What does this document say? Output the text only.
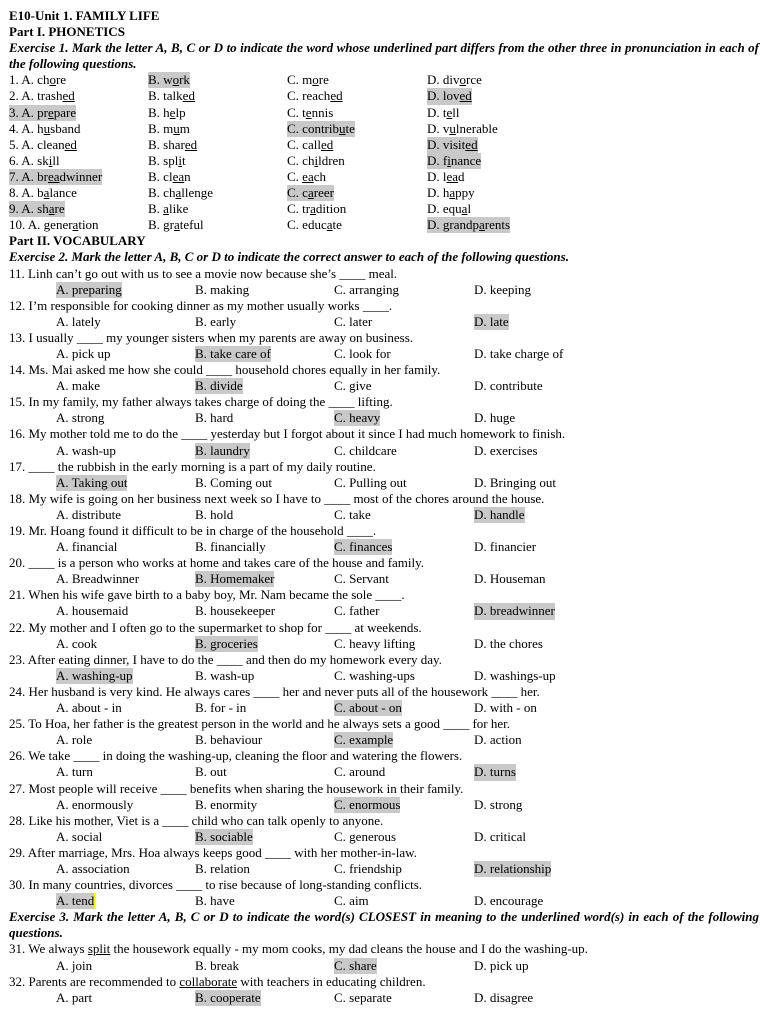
E10-Unit 1. FAMILY LIFE
Part I. PHONETICS
Exercise 1. Mark the letter A, B, C or D to indicate the word whose underlined part differs from the other three in pronunciation in each of the following questions.
1. A. chore	B. work	C. more	D. divorce
2. A. trashed	B. talked	C. reached	D. loved
3. A. prepare	B. help	C. tennis	D. tell
4. A. husband	B. mum	C. contribute	D. vulnerable
5. A. cleaned	B. shared	C. called	D. visited
6. A. skill	B. split	C. children	D. finance
7. A. breadwinner	B. clean	C. each	D. lead
8. A. balance	B. challenge	C. career	D. happy
9. A. share	B. alike	C. tradition	D. equal
10. A. generation	B. grateful	C. educate	D. grandparents
Part II. VOCABULARY
Exercise 2. Mark the letter A, B, C or D to indicate the correct answer to each of the following questions.
11. Linh can’t go out with us to see a movie now because she’s ____ meal.
A. preparing	B. making	C. arranging	D. keeping
12. I’m responsible for cooking dinner as my mother usually works ____.
A. lately	B. early	C. later	D. late
13. I usually ____ my younger sisters when my parents are away on business.
A. pick up	B. take care of	C. look for	D. take charge of
14. Ms. Mai asked me how she could ____ household chores equally in her family.
A. make	B. divide	C. give	D. contribute
15. In my family, my father always takes charge of doing the ____ lifting.
A. strong	B. hard	C. heavy	D. huge
16. My mother told me to do the ____ yesterday but I forgot about it since I had much homework to finish.
A. wash-up	B. laundry	C. childcare	D. exercises
17. ____ the rubbish in the early morning is a part of my daily routine.
A. Taking out	B. Coming out	C. Pulling out	D. Bringing out
18. My wife is going on her business next week so I have to ____ most of the chores around the house.
A. distribute	B. hold	C. take	D. handle
19. Mr. Hoang found it difficult to be in charge of the household ____.
A. financial	B. financially	C. finances	D. financier
20. ____ is a person who works at home and takes care of the house and family.
A. Breadwinner	B. Homemaker	C. Servant	D. Houseman
21. When his wife gave birth to a baby boy, Mr. Nam became the sole ____.
A. housemaid	B. housekeeper	C. father	D. breadwinner
22. My mother and I often go to the supermarket to shop for ____ at weekends.
A. cook	B. groceries	C. heavy lifting	D. the chores
23. After eating dinner, I have to do the ____ and then do my homework every day.
A. washing-up	B. wash-up	C. washing-ups	D. washings-up
24. Her husband is very kind. He always cares ____ her and never puts all of the housework ____ her.
A. about - in	B. for - in	C. about - on	D. with - on
25. To Hoa, her father is the greatest person in the world and he always sets a good ____ for her.
A. role	B. behaviour	C. example	D. action
26. We take ____ in doing the washing-up, cleaning the floor and watering the flowers.
A. turn	B. out	C. around	D. turns
27. Most people will receive ____ benefits when sharing the housework in their family.
A. enormously	B. enormity	C. enormous	D. strong
28. Like his mother, Viet is a ____ child who can talk openly to anyone.
A. social	B. sociable	C. generous	D. critical
29. After marriage, Mrs. Hoa always keeps good ____ with her mother-in-law.
A. association	B. relation	C. friendship	D. relationship
30. In many countries, divorces ____ to rise because of long-standing conflicts.
A. tend	B. have	C. aim	D. encourage
Exercise 3. Mark the letter A, B, C or D to indicate the word(s) CLOSEST in meaning to the underlined word(s) in each of the following questions.
31. We always split the housework equally - my mom cooks, my dad cleans the house and I do the washing-up.
A. join	B. break	C. share	D. pick up
32. Parents are recommended to collaborate with teachers in educating children.
A. part	B. cooperate	C. separate	D. disagree
